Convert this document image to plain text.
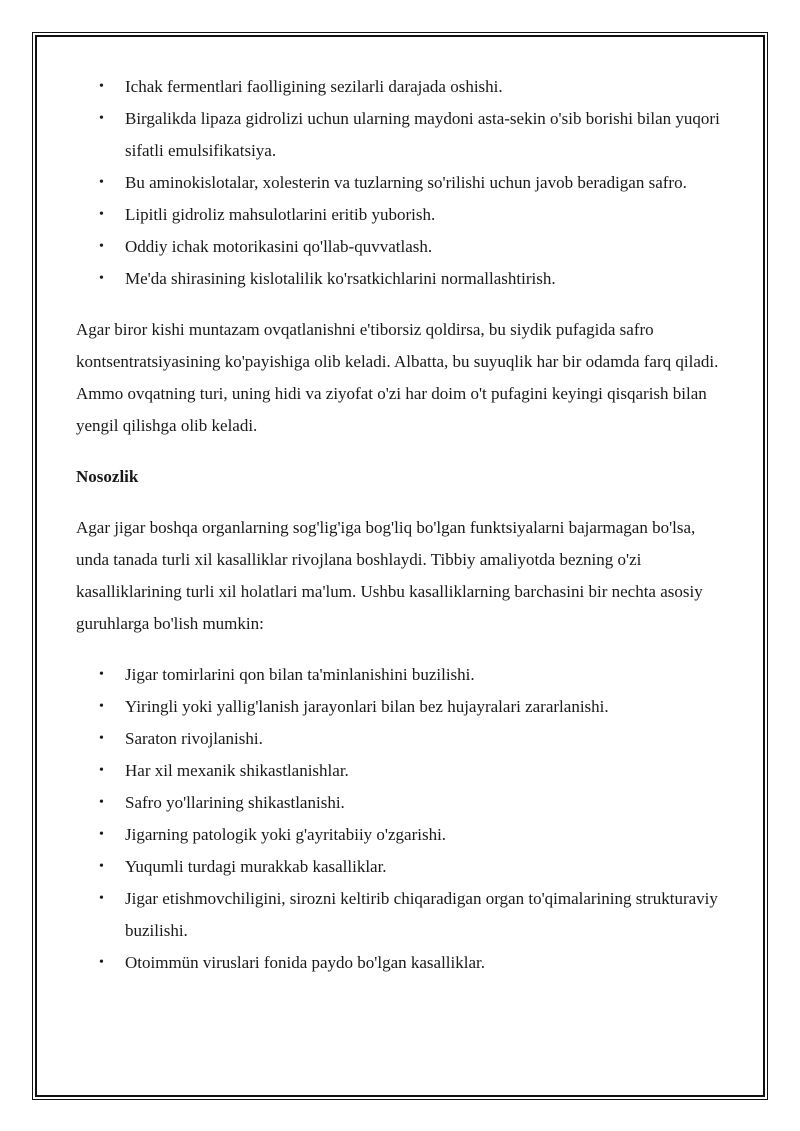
• Ichak fermentlari faolligining sezilarli darajada oshishi.
• Birgalikda lipaza gidrolizi uchun ularning maydoni asta-sekin o'sib borishi bilan yuqori sifatli emulsifikatsiya.
• Bu aminokislotalar, xolesterin va tuzlarning so'rilishi uchun javob beradigan safro.
• Lipitli gidroliz mahsulotlarini eritib yuborish.
• Oddiy ichak motorikasini qo'llab-quvvatlash.
• Me'da shirasining kislotalilik ko'rsatkichlarini normallashtirish.

Agar biror kishi muntazam ovqatlanishni e'tiborsiz qoldirsa, bu siydik pufagida safro kontsentratsiyasining ko'payishiga olib keladi. Albatta, bu suyuqlik har bir odamda farq qiladi. Ammo ovqatning turi, uning hidi va ziyofat o'zi har doim o't pufagini keyingi qisqarish bilan yengil qilishga olib keladi.

Nosozlik

Agar jigar boshqa organlarning sog'lig'iga bog'liq bo'lgan funktsiyalarni bajarmagan bo'lsa, unda tanada turli xil kasalliklar rivojlana boshlaydi. Tibbiy amaliyotda bezning o'zi kasalliklarining turli xil holatlari ma'lum. Ushbu kasalliklarning barchasini bir nechta asosiy guruhlarga bo'lish mumkin:

• Jigar tomirlarini qon bilan ta'minlanishini buzilishi.
• Yiringli yoki yallig'lanish jarayonlari bilan bez hujayralari zararlanishi.
• Saraton rivojlanishi.
• Har xil mexanik shikastlanishlar.
• Safro yo'llarining shikastlanishi.
• Jigarning patologik yoki g'ayritabiiy o'zgarishi.
• Yuqumli turdagi murakkab kasalliklar.
• Jigar etishmovchiligini, sirozni keltirib chiqaradigan organ to'qimalarining strukturaviy buzilishi.
• Otoimmün viruslari fonida paydo bo'lgan kasalliklar.
